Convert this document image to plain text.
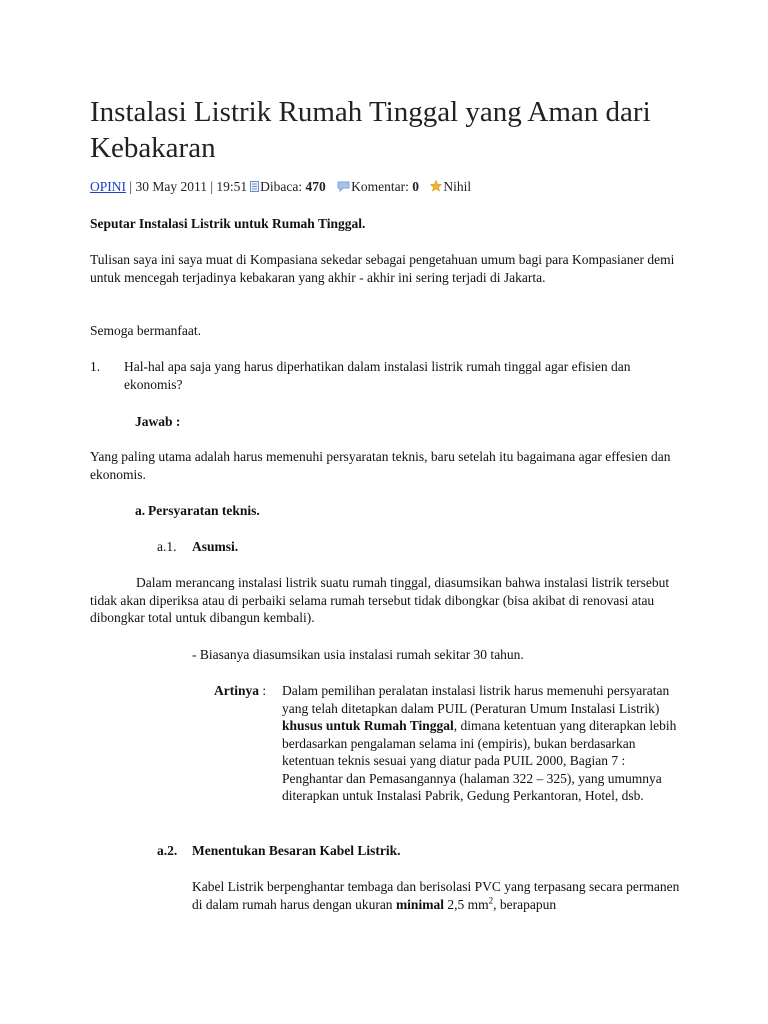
Instalasi Listrik Rumah Tinggal yang Aman dari Kebakaran
OPINI | 30 May 2011 | 19:51 Dibaca: 470 Komentar: 0 Nihil
Seputar Instalasi Listrik untuk Rumah Tinggal.
Tulisan saya ini saya muat di Kompasiana sekedar sebagai pengetahuan umum bagi para Kompasianer demi untuk mencegah terjadinya kebakaran yang akhir - akhir ini sering terjadi di Jakarta.
Semoga bermanfaat.
1.	Hal-hal apa saja yang harus diperhatikan dalam instalasi listrik rumah tinggal agar efisien dan ekonomis?
Jawab :
Yang paling utama adalah harus memenuhi persyaratan teknis, baru setelah itu bagaimana agar effesien dan ekonomis.
a. Persyaratan teknis.
a.1.	Asumsi.
Dalam merancang instalasi listrik suatu rumah tinggal, diasumsikan bahwa instalasi listrik tersebut tidak akan diperiksa atau di perbaiki selama rumah tersebut tidak dibongkar (bisa akibat di renovasi atau dibongkar total untuk dibangun kembali).
- Biasanya diasumsikan usia instalasi rumah sekitar 30 tahun.
Artinya :	Dalam pemilihan peralatan instalasi listrik harus memenuhi persyaratan yang telah ditetapkan dalam PUIL (Peraturan Umum Instalasi Listrik) khusus untuk Rumah Tinggal, dimana ketentuan yang diterapkan lebih berdasarkan pengalaman selama ini (empiris), bukan berdasarkan ketentuan teknis sesuai yang diatur pada PUIL 2000, Bagian 7 : Penghantar dan Pemasangannya (halaman 322 – 325), yang umumnya diterapkan untuk Instalasi Pabrik, Gedung Perkantoran, Hotel, dsb.
a.2.	Menentukan Besaran Kabel Listrik.
Kabel Listrik berpenghantar tembaga dan berisolasi PVC yang terpasang secara permanen di dalam rumah harus dengan ukuran minimal 2,5 $mm^2$, berapapun
